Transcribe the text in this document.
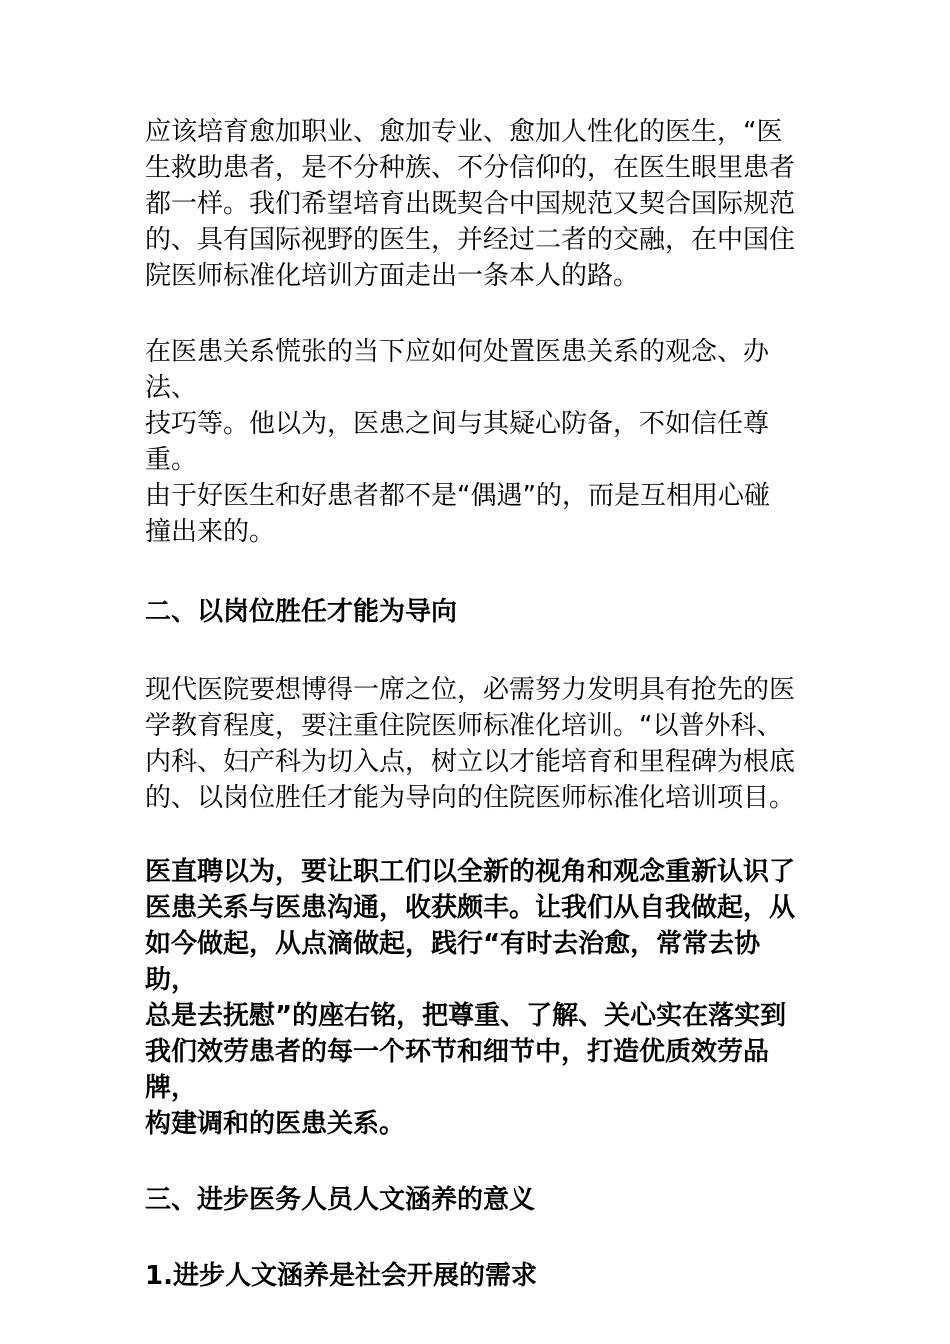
应该培育愈加职业、愈加专业、愈加人性化的医生，“医
生救助患者，是不分种族、不分信仰的，在医生眼里患者
都一样。我们希望培育出既契合中国规范又契合国际规范
的、具有国际视野的医生，并经过二者的交融，在中国住
院医师标准化培训方面走出一条本人的路。

在医患关系慌张的当下应如何处置医患关系的观念、办法、
技巧等。他以为，医患之间与其疑心防备，不如信任尊重。
由于好医生和好患者都不是“偶遇”的，而是互相用心碰
撞出来的。

二、以岗位胜任才能为导向

现代医院要想博得一席之位，必需努力发明具有抢先的医
学教育程度，要注重住院医师标准化培训。“以普外科、
内科、妇产科为切入点，树立以才能培育和里程碑为根底
的、以岗位胜任才能为导向的住院医师标准化培训项目。

医直聘以为，要让职工们以全新的视角和观念重新认识了
医患关系与医患沟通，收获颇丰。让我们从自我做起，从
如今做起，从点滴做起，践行“有时去治愈，常常去协助，
总是去抚慰”的座右铭，把尊重、了解、关心实在落实到
我们效劳患者的每一个环节和细节中，打造优质效劳品牌，
构建调和的医患关系。

三、进步医务人员人文涵养的意义
1.进步人文涵养是社会开展的需求
